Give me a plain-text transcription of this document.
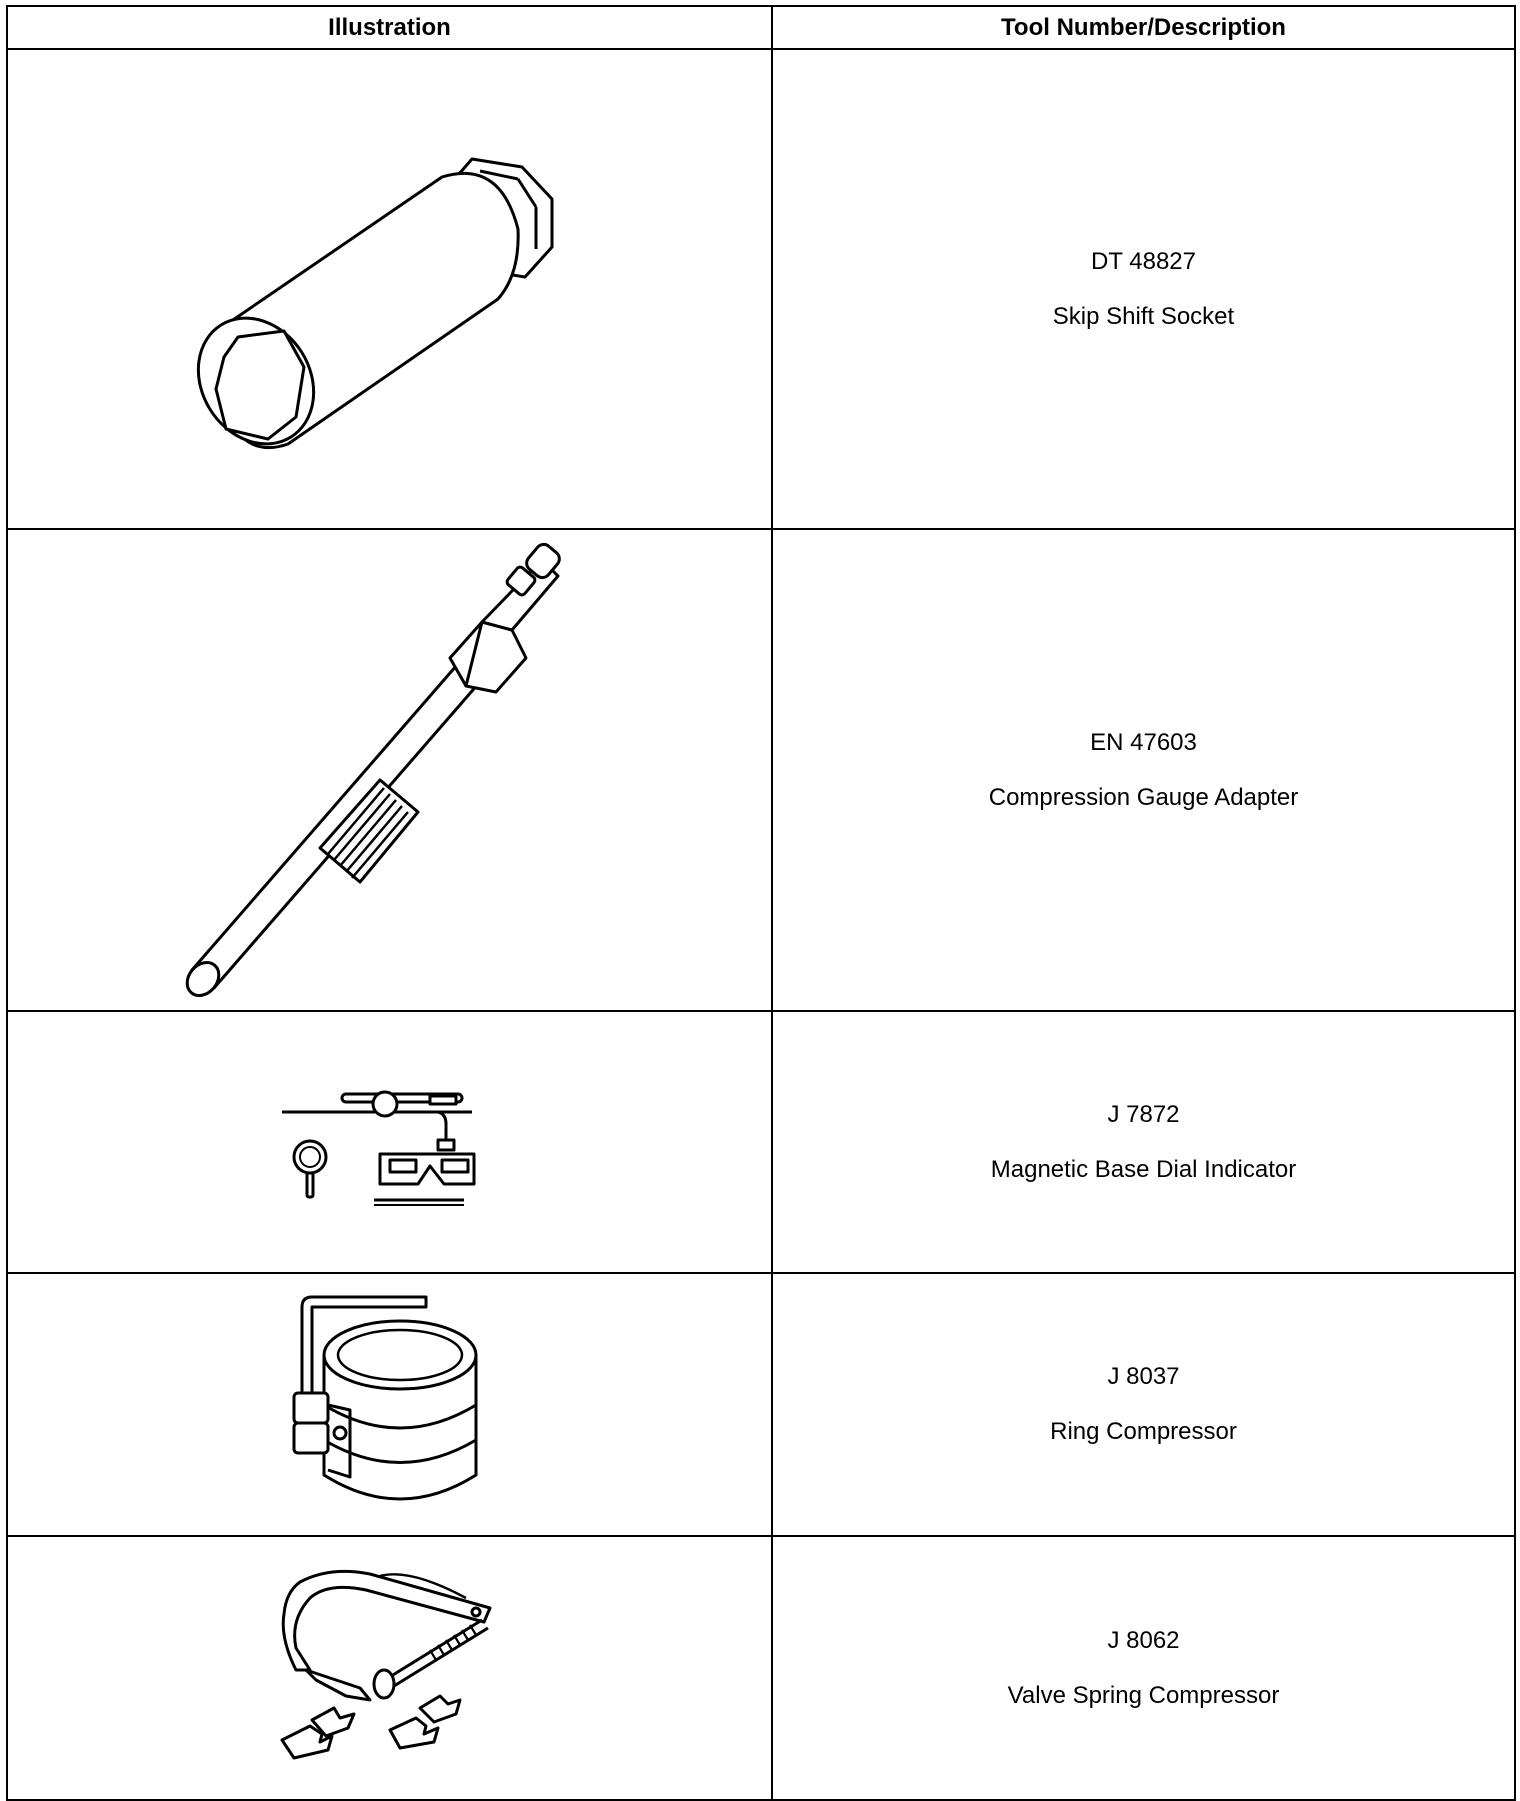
Illustration	Tool Number/Description

DT 48827
Skip Shift Socket

EN 47603
Compression Gauge Adapter

J 7872
Magnetic Base Dial Indicator

J 8037
Ring Compressor

J 8062
Valve Spring Compressor
